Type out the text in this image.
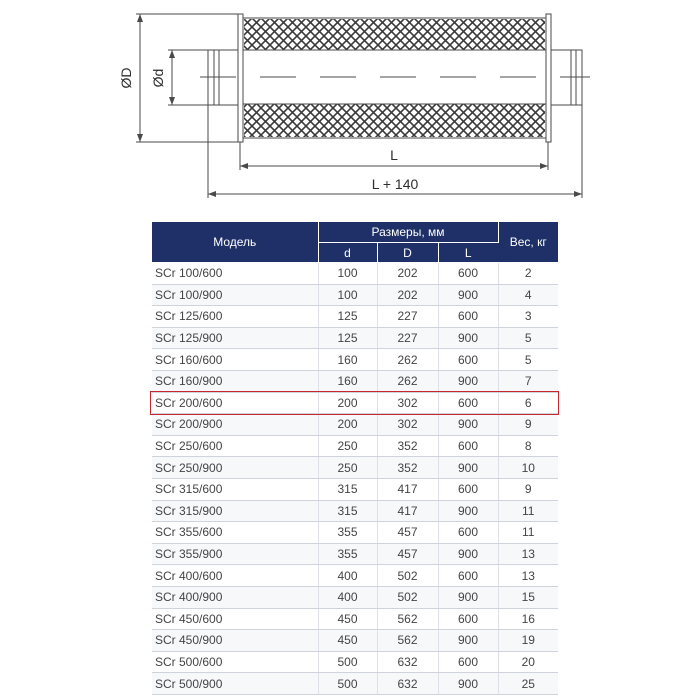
ØD Ød
L
L + 140
Модель	Размеры, мм			Вес, кг
	d	D	L	
SCr 100/600	100	202	600	2
SCr 100/900	100	202	900	4
SCr 125/600	125	227	600	3
SCr 125/900	125	227	900	5
SCr 160/600	160	262	600	5
SCr 160/900	160	262	900	7
SCr 200/600	200	302	600	6
SCr 200/900	200	302	900	9
SCr 250/600	250	352	600	8
SCr 250/900	250	352	900	10
SCr 315/600	315	417	600	9
SCr 315/900	315	417	900	11
SCr 355/600	355	457	600	11
SCr 355/900	355	457	900	13
SCr 400/600	400	502	600	13
SCr 400/900	400	502	900	15
SCr 450/600	450	562	600	16
SCr 450/900	450	562	900	19
SCr 500/600	500	632	600	20
SCr 500/900	500	632	900	25
